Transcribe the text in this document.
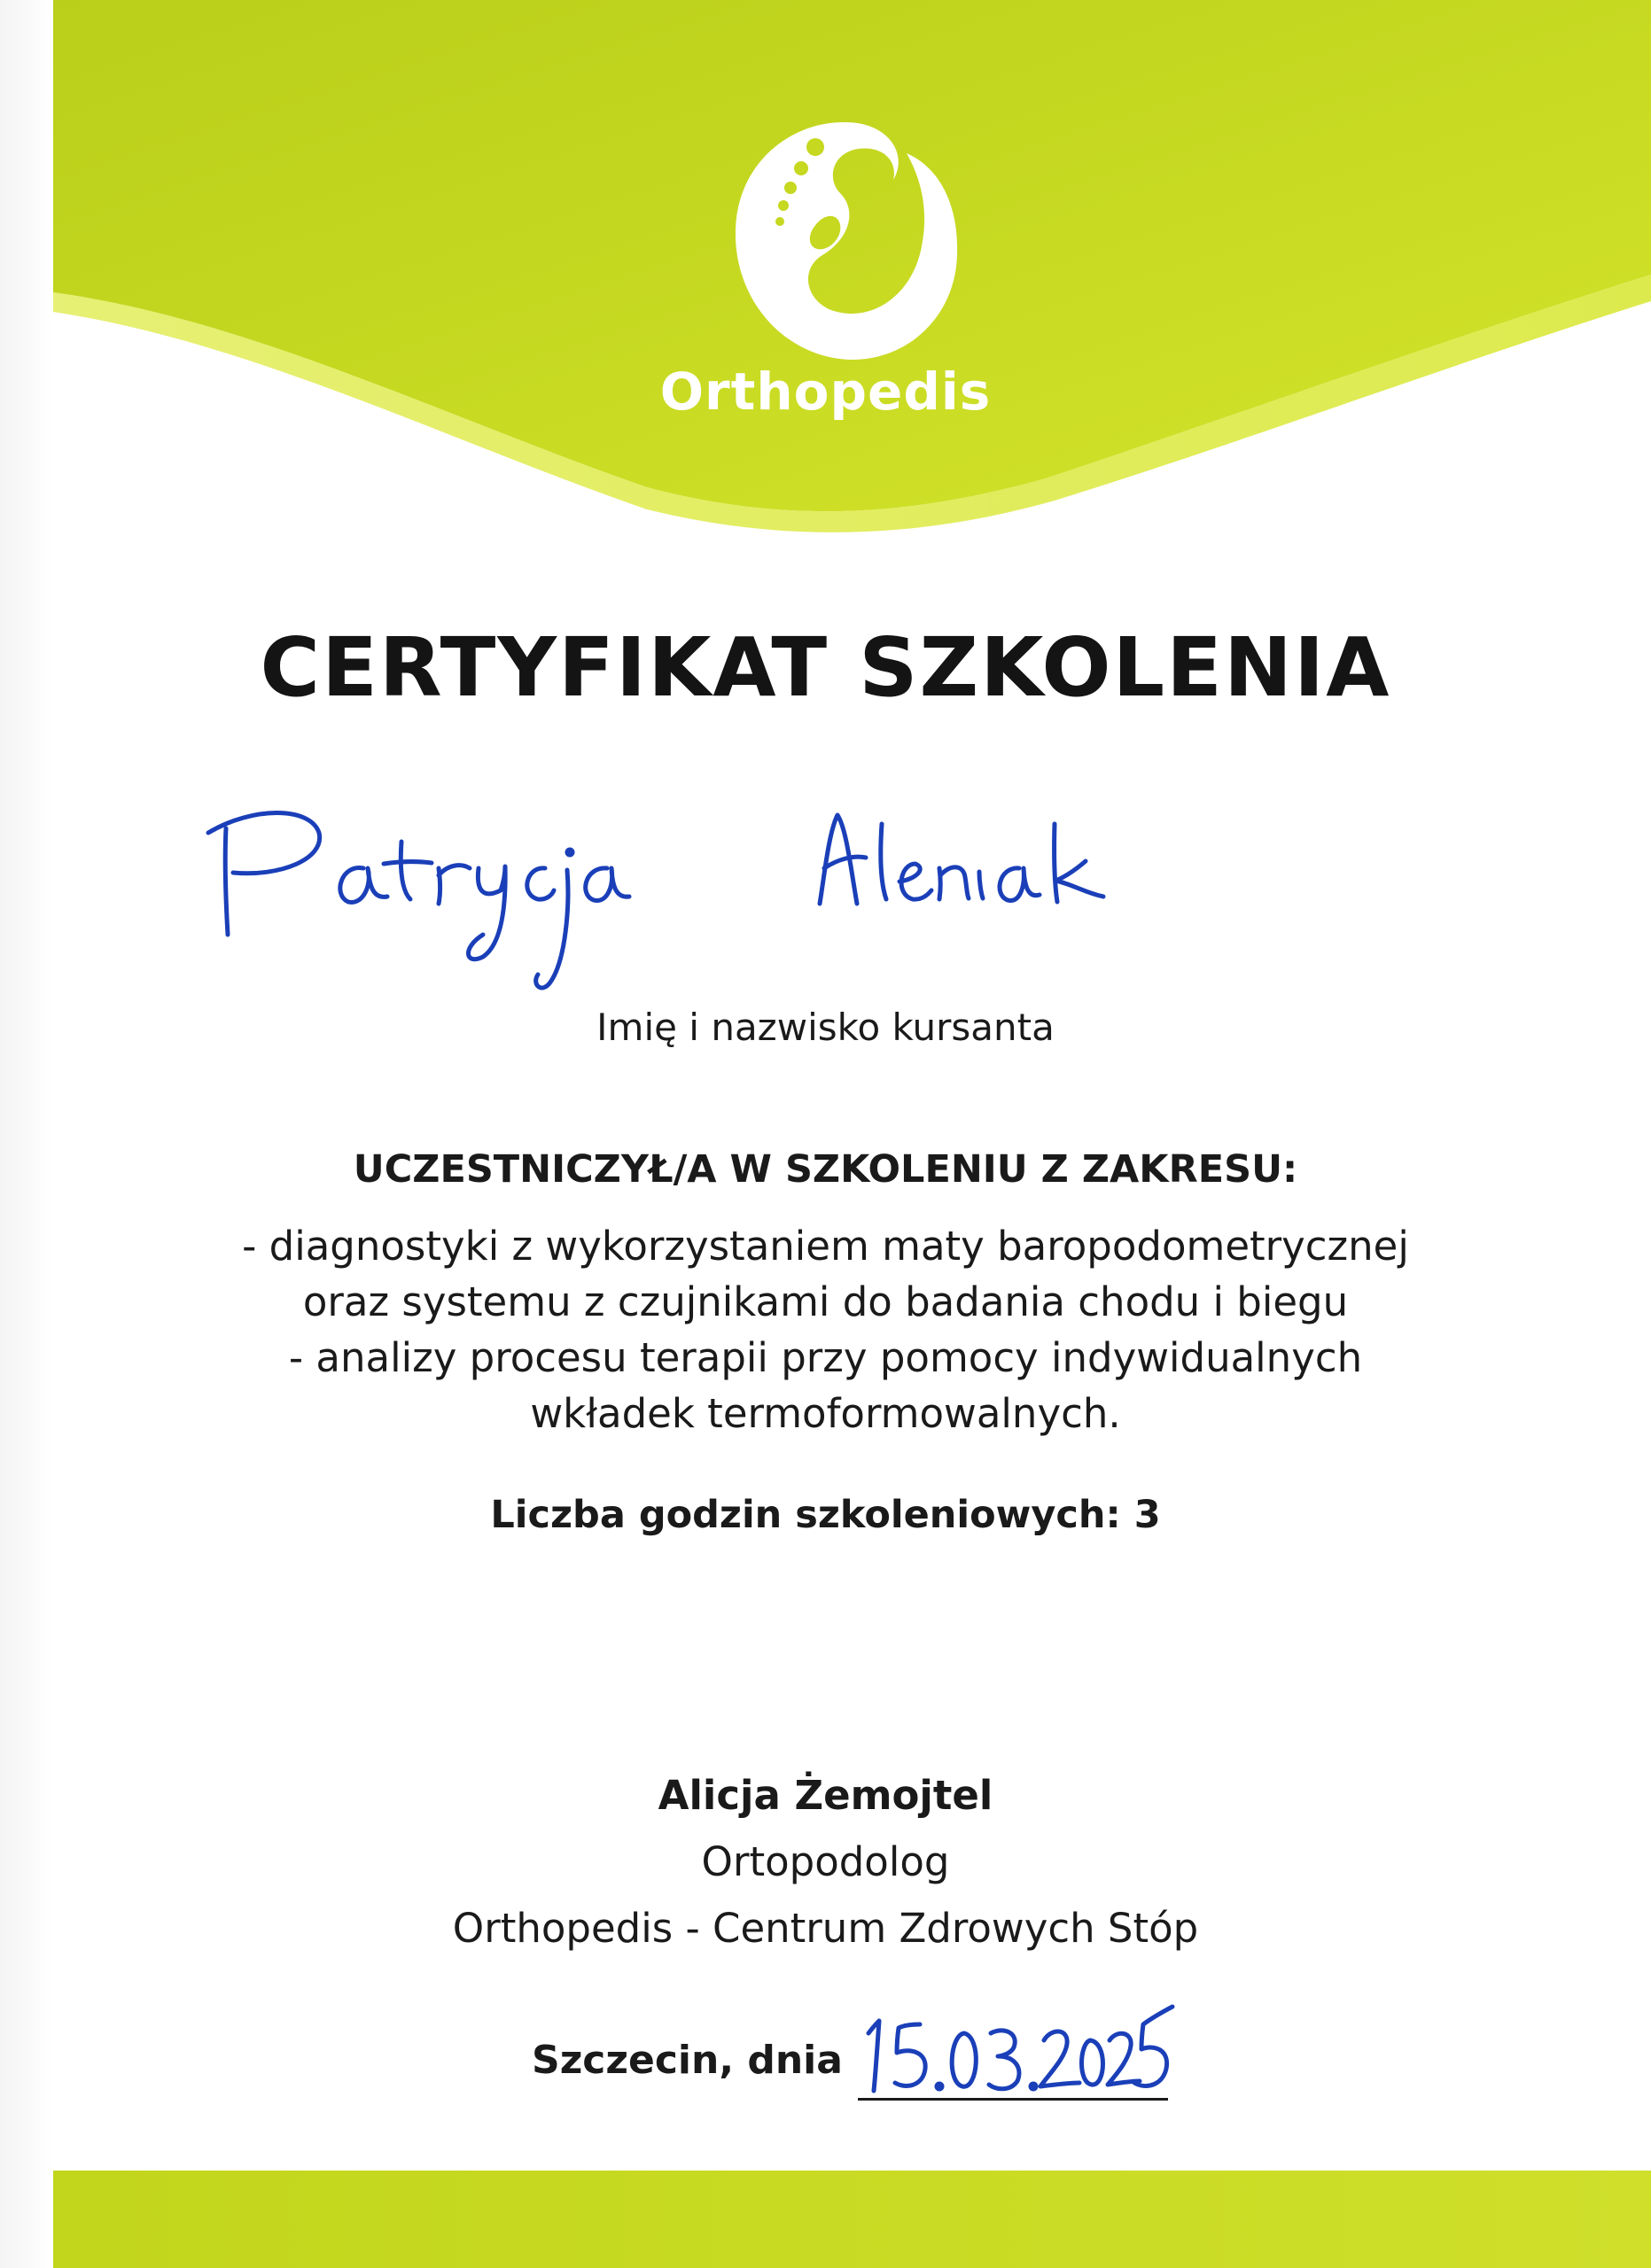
Orthopedis
CERTYFIKAT SZKOLENIA
Imię i nazwisko kursanta
UCZESTNICZYŁ/A W SZKOLENIU Z ZAKRESU:
- diagnostyki z wykorzystaniem maty baropodometrycznej
oraz systemu z czujnikami do badania chodu i biegu
- analizy procesu terapii przy pomocy indywidualnych
wkładek termoformowalnych.
Liczba godzin szkoleniowych: 3
Alicja Żemojtel
Ortopodolog
Orthopedis - Centrum Zdrowych Stóp
Szczecin, dnia
